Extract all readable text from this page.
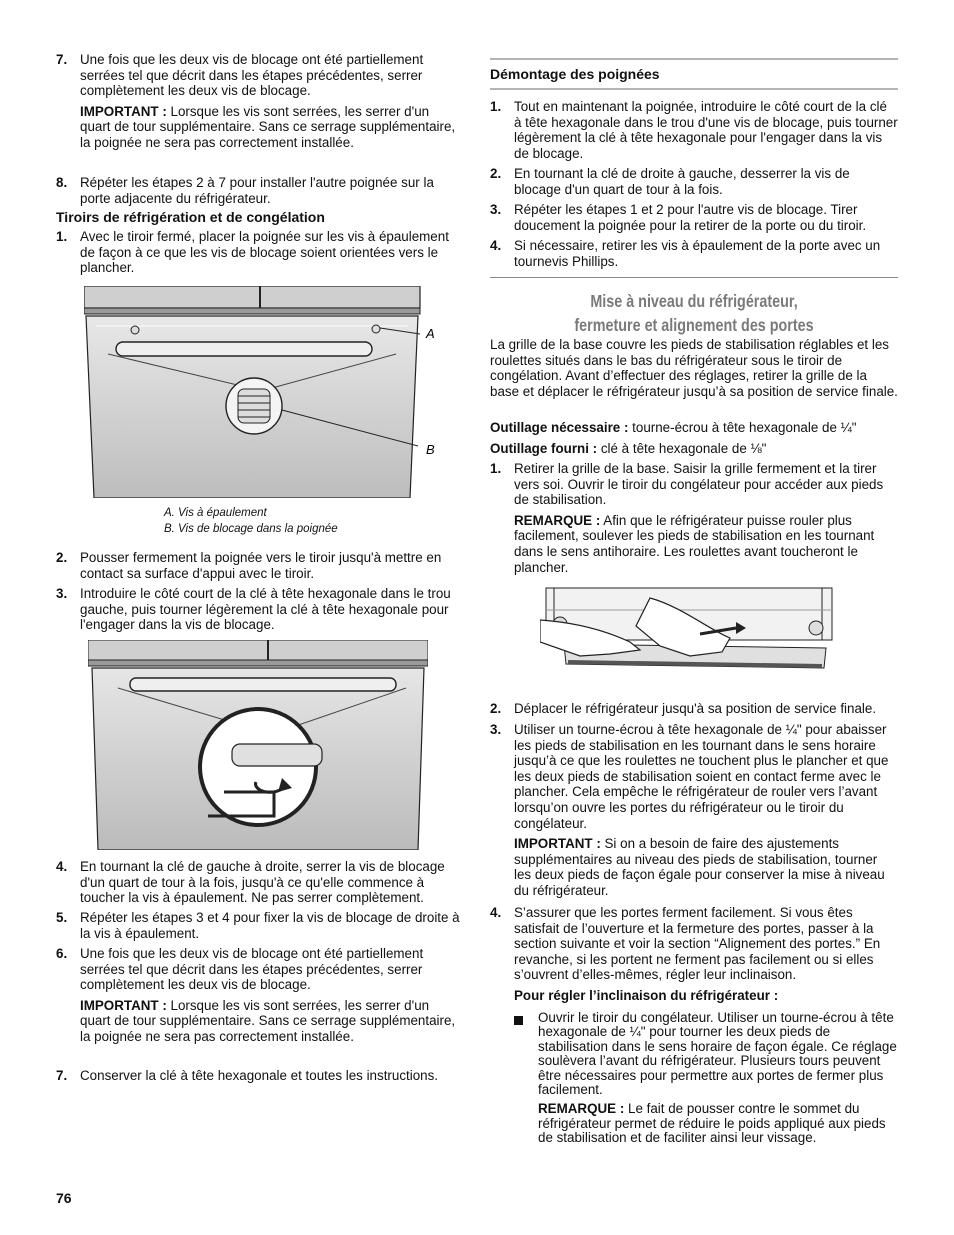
7. Une fois que les deux vis de blocage ont été partiellement serrées tel que décrit dans les étapes précédentes, serrer complètement les deux vis de blocage.
IMPORTANT : Lorsque les vis sont serrées, les serrer d'un quart de tour supplémentaire. Sans ce serrage supplémentaire, la poignée ne sera pas correctement installée.
8. Répéter les étapes 2 à 7 pour installer l'autre poignée sur la porte adjacente du réfrigérateur.
Tiroirs de réfrigération et de congélation
1. Avec le tiroir fermé, placer la poignée sur les vis à épaulement de façon à ce que les vis de blocage soient orientées vers le plancher.
A
B
A. Vis à épaulement
B. Vis de blocage dans la poignée
2. Pousser fermement la poignée vers le tiroir jusqu'à mettre en contact sa surface d'appui avec le tiroir.
3. Introduire le côté court de la clé à tête hexagonale dans le trou gauche, puis tourner légèrement la clé à tête hexagonale pour l'engager dans la vis de blocage.
4. En tournant la clé de gauche à droite, serrer la vis de blocage d'un quart de tour à la fois, jusqu'à ce qu'elle commence à toucher la vis à épaulement. Ne pas serrer complètement.
5. Répéter les étapes 3 et 4 pour fixer la vis de blocage de droite à la vis à épaulement.
6. Une fois que les deux vis de blocage ont été partiellement serrées tel que décrit dans les étapes précédentes, serrer complètement les deux vis de blocage.
IMPORTANT : Lorsque les vis sont serrées, les serrer d'un quart de tour supplémentaire. Sans ce serrage supplémentaire, la poignée ne sera pas correctement installée.
7. Conserver la clé à tête hexagonale et toutes les instructions.
Démontage des poignées
1. Tout en maintenant la poignée, introduire le côté court de la clé à tête hexagonale dans le trou d'une vis de blocage, puis tourner légèrement la clé à tête hexagonale pour l'engager dans la vis de blocage.
2. En tournant la clé de droite à gauche, desserrer la vis de blocage d'un quart de tour à la fois.
3. Répéter les étapes 1 et 2 pour l'autre vis de blocage. Tirer doucement la poignée pour la retirer de la porte ou du tiroir.
4. Si nécessaire, retirer les vis à épaulement de la porte avec un tournevis Phillips.
Mise à niveau du réfrigérateur,
fermeture et alignement des portes
La grille de la base couvre les pieds de stabilisation réglables et les roulettes situés dans le bas du réfrigérateur sous le tiroir de congélation. Avant d’effectuer des réglages, retirer la grille de la base et déplacer le réfrigérateur jusqu’à sa position de service finale.
Outillage nécessaire : tourne-écrou à tête hexagonale de ¼"
Outillage fourni : clé à tête hexagonale de ⅛"
1. Retirer la grille de la base. Saisir la grille fermement et la tirer vers soi. Ouvrir le tiroir du congélateur pour accéder aux pieds de stabilisation.
REMARQUE : Afin que le réfrigérateur puisse rouler plus facilement, soulever les pieds de stabilisation en les tournant dans le sens antihoraire. Les roulettes avant toucheront le plancher.
2. Déplacer le réfrigérateur jusqu'à sa position de service finale.
3. Utiliser un tourne-écrou à tête hexagonale de ¼" pour abaisser les pieds de stabilisation en les tournant dans le sens horaire jusqu’à ce que les roulettes ne touchent plus le plancher et que les deux pieds de stabilisation soient en contact ferme avec le plancher. Cela empêche le réfrigérateur de rouler vers l’avant lorsqu’on ouvre les portes du réfrigérateur ou le tiroir du congélateur.
IMPORTANT : Si on a besoin de faire des ajustements supplémentaires au niveau des pieds de stabilisation, tourner les deux pieds de façon égale pour conserver la mise à niveau du réfrigérateur.
4. S’assurer que les portes ferment facilement. Si vous êtes satisfait de l’ouverture et la fermeture des portes, passer à la section suivante et voir la section “Alignement des portes.” En revanche, si les portent ne ferment pas facilement ou si elles s’ouvrent d’elles-mêmes, régler leur inclinaison.
Pour régler l’inclinaison du réfrigérateur :
Ouvrir le tiroir du congélateur. Utiliser un tourne-écrou à tête hexagonale de ¼" pour tourner les deux pieds de stabilisation dans le sens horaire de façon égale. Ce réglage soulèvera l’avant du réfrigérateur. Plusieurs tours peuvent être nécessaires pour permettre aux portes de fermer plus facilement.
REMARQUE : Le fait de pousser contre le sommet du réfrigérateur permet de réduire le poids appliqué aux pieds de stabilisation et de faciliter ainsi leur vissage.
76
